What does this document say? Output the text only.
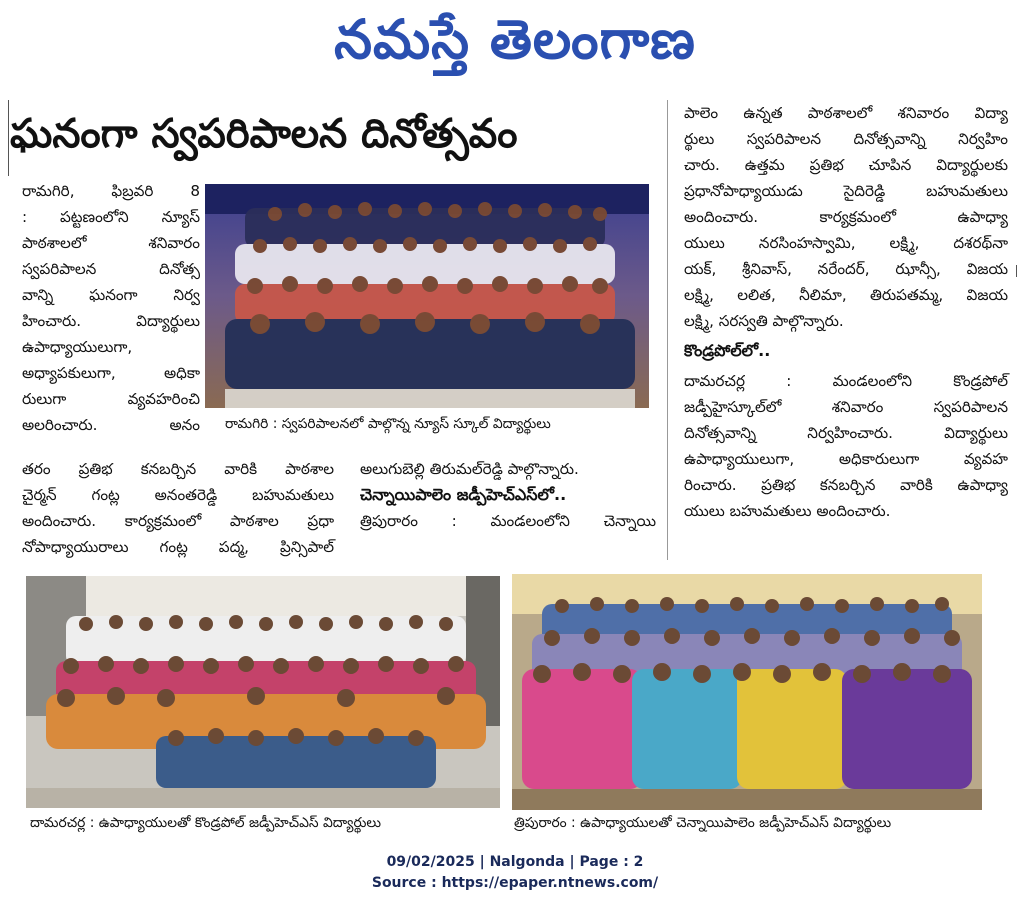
నమస్తే తెలంగాణ
ఘనంగా స్వపరిపాలన దినోత్సవం

రామగిరి, ఫిబ్రవరి 8

: పట్టణంలోని న్యూస్

పాఠశాలలో శనివారం

స్వపరిపాలన దినోత్స

వాన్ని ఘనంగా నిర్వ

హించారు. విద్యార్థులు

ఉపాధ్యాయులుగా,

అధ్యాపకులుగా, అధికా

రులుగా వ్యవహరించి

అలరించారు.      అనం రామగిరి : స్వపరిపాలనలో పాల్గొన్న న్యూస్ స్కూల్ విద్యార్థులు

తరం ప్రతిభ కనబర్చిన వారికి పాఠశాల

చైర్మన్ గంట్ల అనంతరెడ్డి బహుమతులు

అందించారు. కార్యక్రమంలో పాఠశాల ప్రధా

నోపాధ్యాయురాలు గంట్ల పద్మ, ప్రిన్సిపాల్

అలుగుబెల్లి తిరుమల్‌రెడ్డి పాల్గొన్నారు.

చెన్నాయిపాలెం జడ్పీహెచ్ఎస్‌లో..

త్రిపురారం : మండలంలోని చెన్నాయి

పాలెం ఉన్నత పాఠశాలలో శనివారం విద్యా

ర్థులు స్వపరిపాలన దినోత్సవాన్ని నిర్వహిం

చారు. ఉత్తమ ప్రతిభ చూపిన విద్యార్థులకు

ప్రధానోపాధ్యాయుడు సైదిరెడ్డి బహుమతులు

అందించారు. కార్యక్రమంలో ఉపాధ్యా

యులు నరసింహస్వామి, లక్ష్మి, దశరథ్‌నా

యక్, శ్రీనివాస్, నరేందర్, ఝాన్సీ, విజయ

లక్ష్మి, లలిత, నీలిమా, తిరుపతమ్మ, విజయ

లక్ష్మి, సరస్వతి పాల్గొన్నారు.

కొండ్రపోల్‌లో..

దామరచర్ల : మండలంలోని కొండ్రపోల్

జడ్పీహైస్కూల్‌లో శనివారం స్వపరిపాలన

దినోత్సవాన్ని నిర్వహించారు. విద్యార్థులు

ఉపాధ్యాయులుగా, అధికారులుగా వ్యవహ

రించారు. ప్రతిభ కనబర్చిన వారికి ఉపాధ్యా

యులు బహుమతులు అందించారు.

దామరచర్ల : ఉపాధ్యాయులతో కొండ్రపోల్ జడ్పీహెచ్ఎస్ విద్యార్థులు	త్రిపురారం : ఉపాధ్యాయులతో చెన్నాయిపాలెం జడ్పీహెచ్ఎస్ విద్యార్థులు
09/02/2025 | Nalgonda | Page : 2
Source : https://epaper.ntnews.com/
